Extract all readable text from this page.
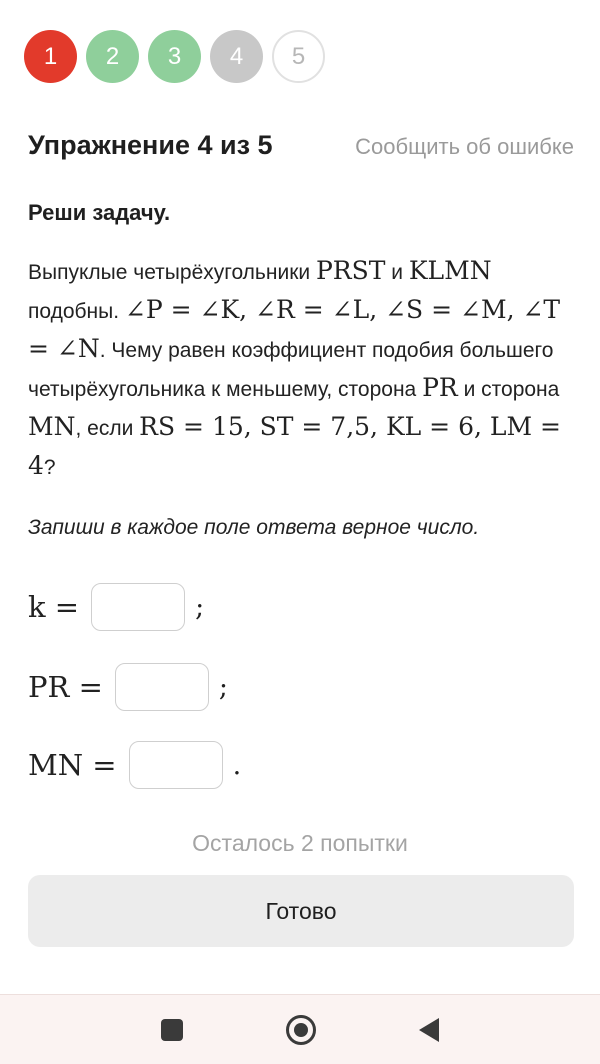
1	2	3	4	5
Упражнение 4 из 5	Сообщить об ошибке
Реши задачу.
Выпуклые четырёхугольники PRST и KLMN подобны. ∠P = ∠K, ∠R = ∠L, ∠S = ∠M, ∠T = ∠N. Чему равен коэффициент подобия большего четырёхугольника к меньшему, сторона PR и сторона MN, если RS = 15, ST = 7,5, KL = 6, LM = 4?
Запиши в каждое поле ответа верное число.
k =	;
PR =	;
MN =	.
Осталось 2 попытки
Готово
